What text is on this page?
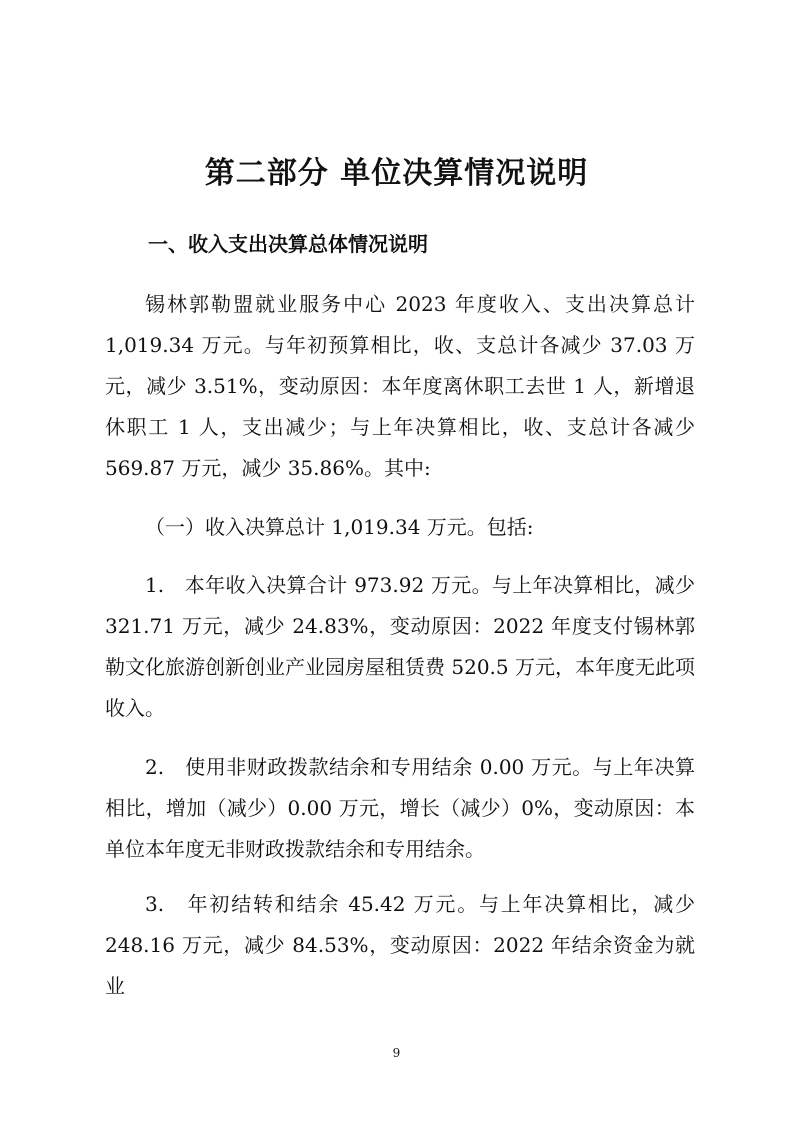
第二部分 单位决算情况说明
一、收入支出决算总体情况说明

锡林郭勒盟就业服务中心 2023 年度收入、支出决算总计 1,019.34 万元。与年初预算相比，收、支总计各减少 37.03 万元，减少 3.51%，变动原因：本年度离休职工去世 1 人，新增退休职工 1 人，支出减少；与上年决算相比，收、支总计各减少 569.87 万元，减少 35.86%。其中:

（一）收入决算总计 1,019.34 万元。包括:

1.　本年收入决算合计 973.92 万元。与上年决算相比，减少 321.71 万元，减少 24.83%，变动原因：2022 年度支付锡林郭勒文化旅游创新创业产业园房屋租赁费 520.5 万元，本年度无此项收入。

2.　使用非财政拨款结余和专用结余 0.00 万元。与上年决算相比，增加（减少）0.00 万元，增长（减少）0%，变动原因：本单位本年度无非财政拨款结余和专用结余。

3.　年初结转和结余 45.42 万元。与上年决算相比，减少 248.16 万元，减少 84.53%，变动原因：2022 年结余资金为就业

9
